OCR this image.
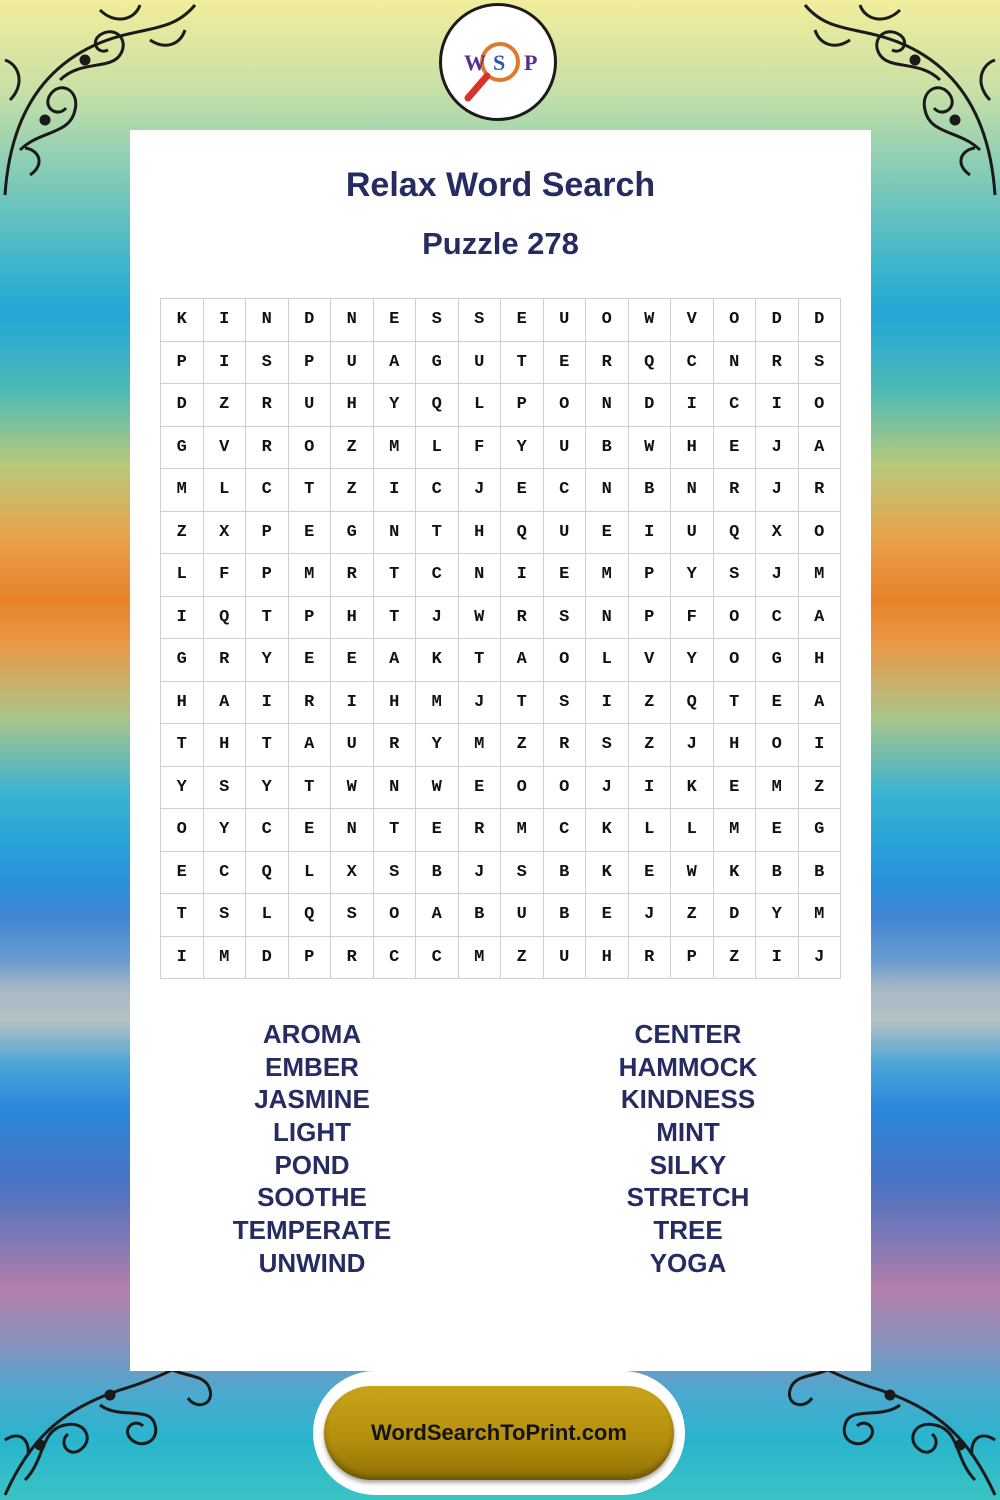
W S P
Relax Word Search
Puzzle 278
K	I	N	D	N	E	S	S	E	U	O	W	V	O	D	D
P	I	S	P	U	A	G	U	T	E	R	Q	C	N	R	S
D	Z	R	U	H	Y	Q	L	P	O	N	D	I	C	I	O
G	V	R	O	Z	M	L	F	Y	U	B	W	H	E	J	A
M	L	C	T	Z	I	C	J	E	C	N	B	N	R	J	R
Z	X	P	E	G	N	T	H	Q	U	E	I	U	Q	X	O
L	F	P	M	R	T	C	N	I	E	M	P	Y	S	J	M
I	Q	T	P	H	T	J	W	R	S	N	P	F	O	C	A
G	R	Y	E	E	A	K	T	A	O	L	V	Y	O	G	H
H	A	I	R	I	H	M	J	T	S	I	Z	Q	T	E	A
T	H	T	A	U	R	Y	M	Z	R	S	Z	J	H	O	I
Y	S	Y	T	W	N	W	E	O	O	J	I	K	E	M	Z
O	Y	C	E	N	T	E	R	M	C	K	L	L	M	E	G
E	C	Q	L	X	S	B	J	S	B	K	E	W	K	B	B
T	S	L	Q	S	O	A	B	U	B	E	J	Z	D	Y	M
I	M	D	P	R	C	C	M	Z	U	H	R	P	Z	I	J
AROMA
EMBER
JASMINE
LIGHT
POND
SOOTHE
TEMPERATE
UNWIND
CENTER
HAMMOCK
KINDNESS
MINT
SILKY
STRETCH
TREE
YOGA
WordSearchToPrint.com
